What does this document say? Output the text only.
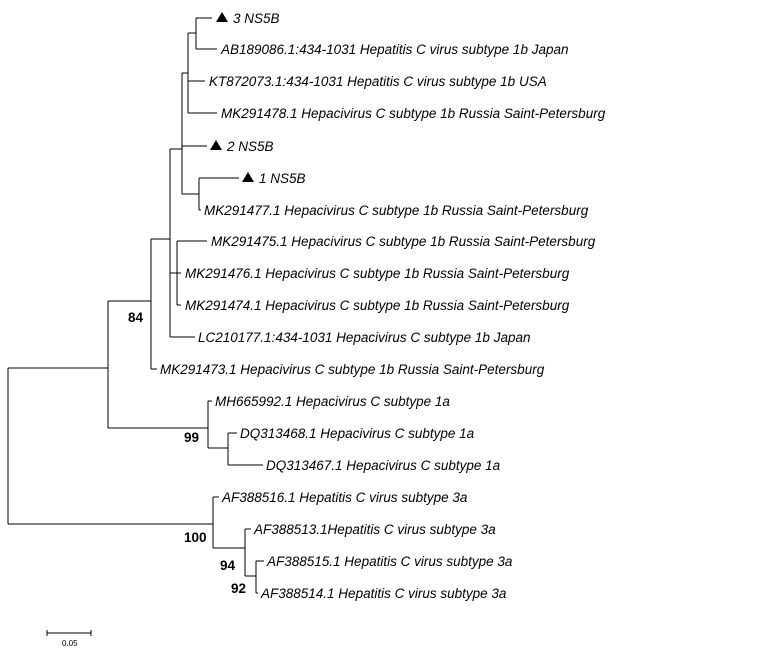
3 NS5B
AB189086.1:434-1031 Hepatitis C virus subtype 1b Japan
KT872073.1:434-1031 Hepatitis C virus subtype 1b USA
MK291478.1 Hepacivirus C subtype 1b Russia Saint-Petersburg
2 NS5B
1 NS5B
MK291477.1 Hepacivirus C subtype 1b Russia Saint-Petersburg
MK291475.1 Hepacivirus C subtype 1b Russia Saint-Petersburg
MK291476.1 Hepacivirus C subtype 1b Russia Saint-Petersburg
MK291474.1 Hepacivirus C subtype 1b Russia Saint-Petersburg
LC210177.1:434-1031 Hepacivirus C subtype 1b Japan
MK291473.1 Hepacivirus C subtype 1b Russia Saint-Petersburg
MH665992.1 Hepacivirus C subtype 1a
DQ313468.1 Hepacivirus C subtype 1a
DQ313467.1 Hepacivirus C subtype 1a
AF388516.1 Hepatitis C virus subtype 3a
AF388513.1Hepatitis C virus subtype 3a
AF388515.1 Hepatitis C virus subtype 3a
AF388514.1 Hepatitis C virus subtype 3a
84
99
100
94
92
0.05
